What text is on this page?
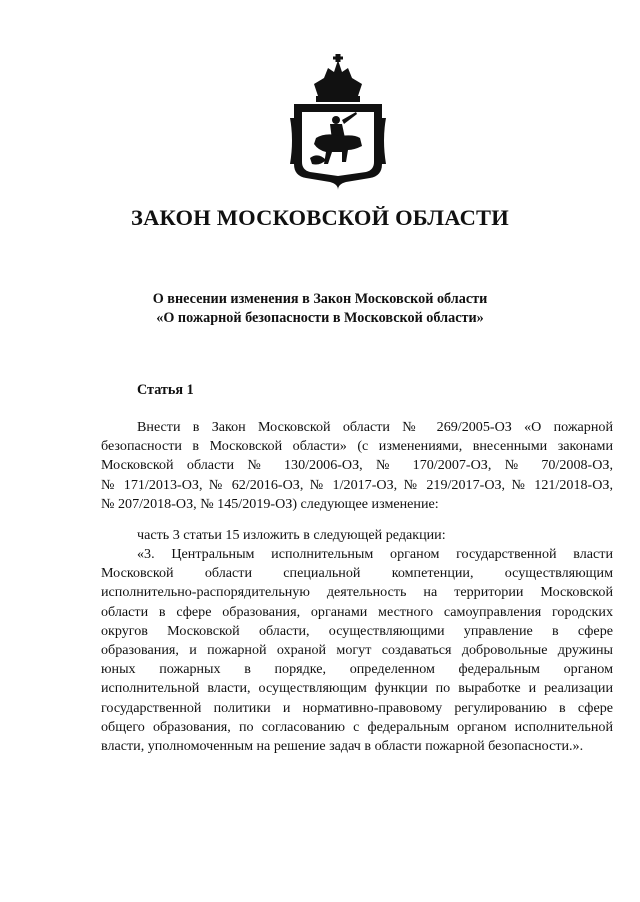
ЗАКОН МОСКОВСКОЙ ОБЛАСТИ
О внесении изменения в Закон Московской области
«О пожарной безопасности в Московской области»
Статья 1
Внести в Закон Московской области № 269/2005-ОЗ «О пожарной
безопасности в Московской области» (с изменениями, внесенными законами
Московской области № 130/2006-ОЗ, № 170/2007-ОЗ, № 70/2008-ОЗ,
№ 171/2013-ОЗ, № 62/2016-ОЗ, № 1/2017-ОЗ, № 219/2017-ОЗ, № 121/2018-ОЗ,
№ 207/2018-ОЗ, № 145/2019-ОЗ) следующее изменение:
часть 3 статьи 15 изложить в следующей редакции:
«3. Центральным исполнительным органом государственной власти
Московской области специальной компетенции, осуществляющим
исполнительно-распорядительную деятельность на территории Московской
области в сфере образования, органами местного самоуправления городских
округов Московской области, осуществляющими управление в сфере
образования, и пожарной охраной могут создаваться добровольные дружины
юных пожарных в порядке, определенном федеральным органом
исполнительной власти, осуществляющим функции по выработке и реализации
государственной политики и нормативно-правовому регулированию в сфере
общего образования, по согласованию с федеральным органом исполнительной
власти, уполномоченным на решение задач в области пожарной безопасности.».
